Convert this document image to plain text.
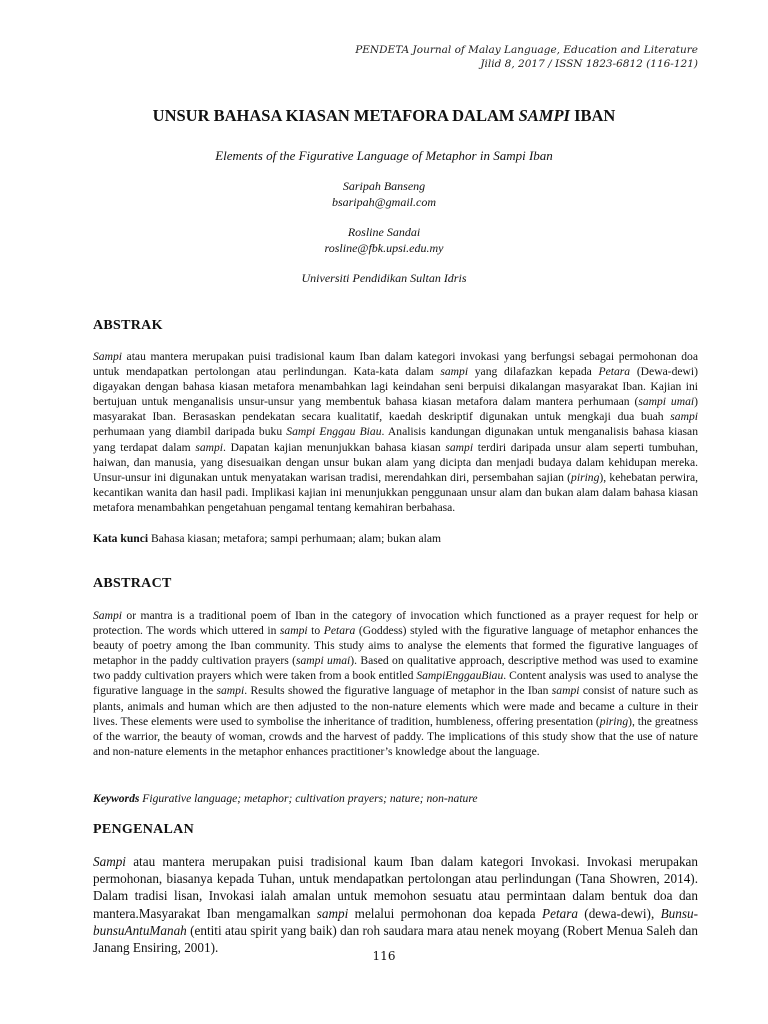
PENDETA Journal of Malay Language, Education and Literature
Jilid 8, 2017 / ISSN 1823-6812 (116-121)
UNSUR BAHASA KIASAN METAFORA DALAM SAMPI IBAN
Elements of the Figurative Language of Metaphor in Sampi Iban
Saripah Banseng
bsaripah@gmail.com
Rosline Sandai
rosline@fbk.upsi.edu.my
Universiti Pendidikan Sultan Idris
ABSTRAK
Sampi atau mantera merupakan puisi tradisional kaum Iban dalam kategori invokasi yang berfungsi sebagai permohonan doa untuk mendapatkan pertolongan atau perlindungan. Kata-kata dalam sampi yang dilafazkan kepada Petara (Dewa-dewi) digayakan dengan bahasa kiasan metafora menambahkan lagi keindahan seni berpuisi dikalangan masyarakat Iban. Kajian ini bertujuan untuk menganalisis unsur-unsur yang membentuk bahasa kiasan metafora dalam mantera perhumaan (sampi umai) masyarakat Iban. Berasaskan pendekatan secara kualitatif, kaedah deskriptif digunakan untuk mengkaji dua buah sampi perhumaan yang diambil daripada buku Sampi Enggau Biau. Analisis kandungan digunakan untuk menganalisis bahasa kiasan yang terdapat dalam sampi. Dapatan kajian menunjukkan bahasa kiasan sampi terdiri daripada unsur alam seperti tumbuhan, haiwan, dan manusia, yang disesuaikan dengan unsur bukan alam yang dicipta dan menjadi budaya dalam kehidupan mereka. Unsur-unsur ini digunakan untuk menyatakan warisan tradisi, merendahkan diri, persembahan sajian (piring), kehebatan perwira, kecantikan wanita dan hasil padi. Implikasi kajian ini menunjukkan penggunaan unsur alam dan bukan alam dalam bahasa kiasan metafora menambahkan pengetahuan pengamal tentang kemahiran berbahasa.
Kata kunci Bahasa kiasan; metafora; sampi perhumaan; alam; bukan alam
ABSTRACT
Sampi or mantra is a traditional poem of Iban in the category of invocation which functioned as a prayer request for help or protection. The words which uttered in sampi to Petara (Goddess) styled with the figurative language of metaphor enhances the beauty of poetry among the Iban community. This study aims to analyse the elements that formed the figurative languages of metaphor in the paddy cultivation prayers (sampi umai). Based on qualitative approach, descriptive method was used to examine two paddy cultivation prayers which were taken from a book entitled SampiEnggauBiau. Content analysis was used to analyse the figurative language in the sampi. Results showed the figurative language of metaphor in the Iban sampi consist of nature such as plants, animals and human which are then adjusted to the non-nature elements which were made and became a culture in their lives. These elements were used to symbolise the inheritance of tradition, humbleness, offering presentation (piring), the greatness of the warrior, the beauty of woman, crowds and the harvest of paddy. The implications of this study show that the use of nature and non-nature elements in the metaphor enhances practitioner’s knowledge about the language.
Keywords Figurative language; metaphor; cultivation prayers; nature; non-nature
PENGENALAN
Sampi atau mantera merupakan puisi tradisional kaum Iban dalam kategori Invokasi. Invokasi merupakan permohonan, biasanya kepada Tuhan, untuk mendapatkan pertolongan atau perlindungan (Tana Showren, 2014). Dalam tradisi lisan, Invokasi ialah amalan untuk memohon sesuatu atau permintaan dalam bentuk doa dan mantera.Masyarakat Iban mengamalkan sampi melalui permohonan doa kepada Petara (dewa-dewi), Bunsu-bunsuAntuManah (entiti atau spirit yang baik) dan roh saudara mara atau nenek moyang (Robert Menua Saleh dan Janang Ensiring, 2001).
116
